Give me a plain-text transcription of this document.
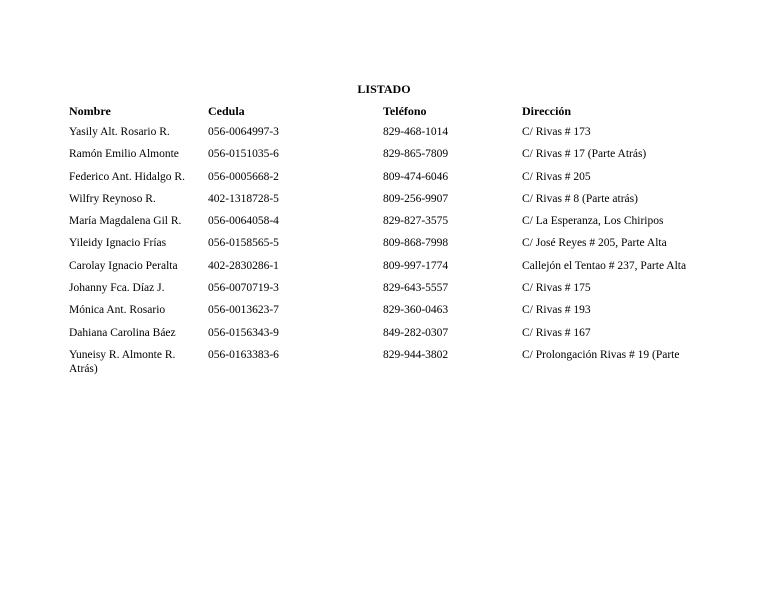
LISTADO
Nombre	Cedula	Teléfono	Dirección
Yasily Alt. Rosario R.	056-0064997-3	829-468-1014	C/ Rivas # 173
Ramón Emilio Almonte	056-0151035-6	829-865-7809	C/ Rivas # 17 (Parte Atrás)
Federico Ant. Hidalgo R. 056-0005668-2	809-474-6046	C/ Rivas # 205
Wilfry Reynoso R.	402-1318728-5	809-256-9907	C/ Rivas # 8 (Parte atrás)
María Magdalena Gil R. 056-0064058-4	829-827-3575	C/ La Esperanza, Los Chiripos
Yileidy Ignacio Frías	056-0158565-5	809-868-7998	C/ José Reyes # 205, Parte Alta
Carolay Ignacio Peralta	402-2830286-1	809-997-1774	Callejón el Tentao # 237, Parte Alta
Johanny Fca. Díaz J.	056-0070719-3	829-643-5557	C/ Rivas # 175
Mónica Ant. Rosario	056-0013623-7	829-360-0463	C/ Rivas # 193
Dahiana Carolina Báez	056-0156343-9	849-282-0307	C/ Rivas # 167
Yuneisy R. Almonte R.	056-0163383-6	829-944-3802	C/ Prolongación Rivas # 19 (Parte
Atrás)
